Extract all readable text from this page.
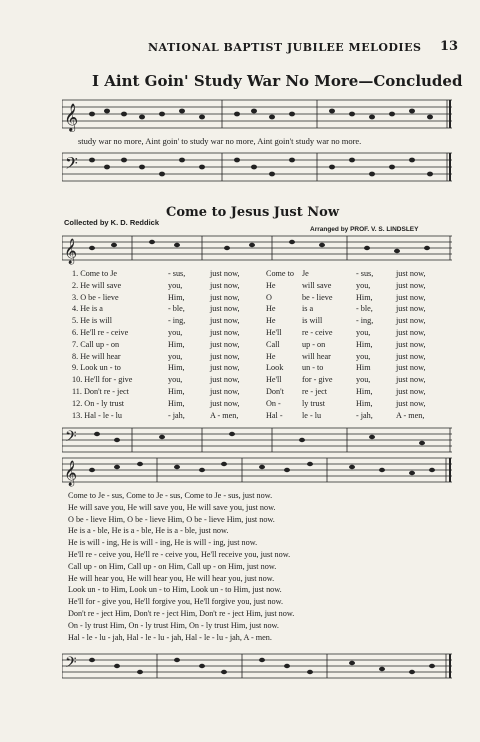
NATIONAL BAPTIST JUBILEE MELODIES 13
I Aint Goin' Study War No More—Concluded
𝄞
study war no more, Aint goin' to study war no more, Aint goin't study war no more.
𝄢
Come to Jesus Just Now
Collected by K. D. Reddick
Arranged by PROF. V. S. LINDSLEY
𝄞
1. Come to Je	- sus,	just now,	Come to Je	- sus,	just now,
2. He will save	you,	just now,	He	will save	you,	just now,
3. O be - lieve	Him,	just now,	O	be - lieve	Him,	just now,
4. He is a	- ble,	just now,	He	is a	- ble,	just now,
5. He is will	- ing,	just now,	He	is will	- ing,	just now,
6. He'll re - ceive	you,	just now,	He'll	re - ceive	you,	just now,
7. Call up - on	Him,	just now,	Call	up - on	Him,	just now,
8. He will hear	you,	just now,	He	will hear	you,	just now,
9. Look un - to	Him,	just now,	Look	un - to	Him	just now,
10. He'll for - give	you,	just now,	He'll	for - give	you,	just now,
11. Don't re - ject	Him,	just now,	Don't	re - ject	Him,	just now,
12. On - ly trust	Him,	just now,	On -	ly trust	Him,	just now,
13. Hal - le - lu	- jah,	A - men,	Hal -	le - lu	- jah,	A - men,
𝄢
𝄞
Come to Je - sus, Come to Je - sus, Come to Je - sus, just now.
He will save you, He will save you, He will save you, just now.
O be - lieve Him, O be - lieve Him, O be - lieve Him, just now.
He is a - ble, He is a - ble, He is a - ble, just now.
He is will - ing, He is will - ing, He is will - ing, just now.
He'll re - ceive you, He'll re - ceive you, He'll receive you, just now.
Call up - on Him, Call up - on Him, Call up - on Him, just now.
He will hear you, He will hear you, He will hear you, just now.
Look un - to Him, Look un - to Him, Look un - to Him, just now.
He'll for - give you, He'll forgive you, He'll forgive you, just now.
Don't re - ject Him, Don't re - ject Him, Don't re - ject Him, just now.
On - ly trust Him, On - ly trust Him, On - ly trust Him, just now.
Hal - le - lu - jah, Hal - le - lu - jah, Hal - le - lu - jah, A - men.
𝄢
